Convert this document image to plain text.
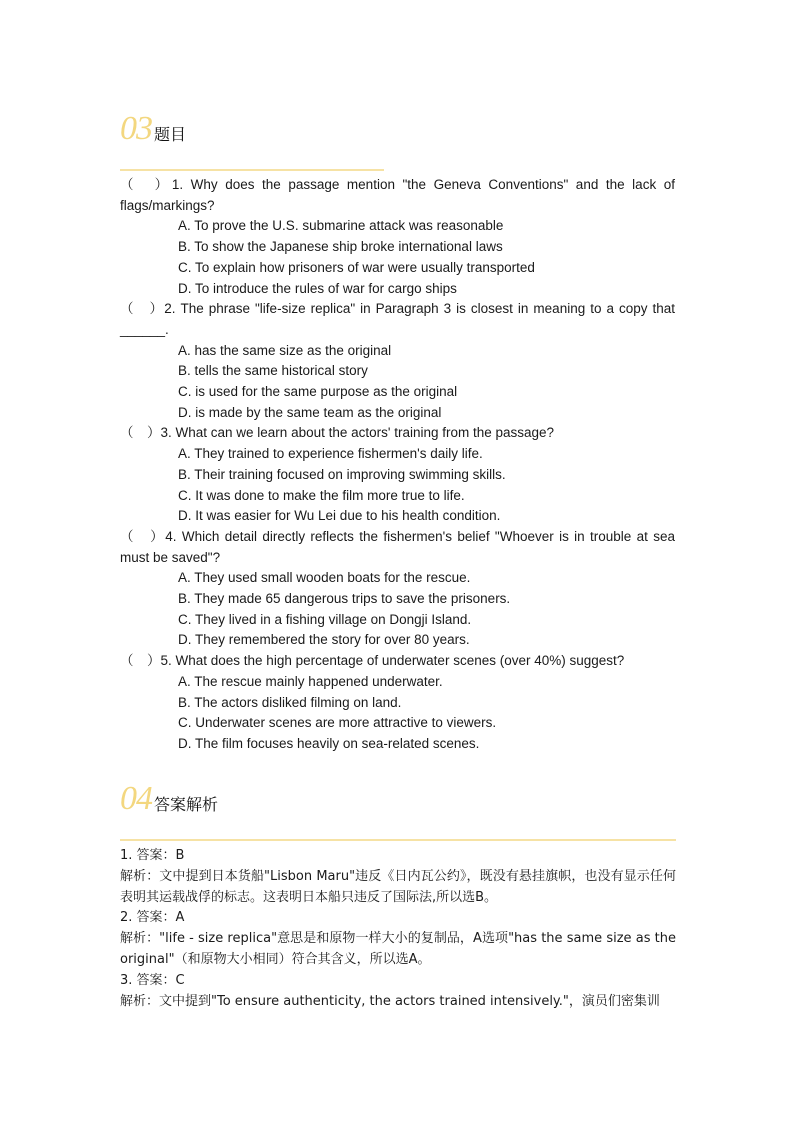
03 题目
（　）1. Why does the passage mention "the Geneva Conventions" and the lack of flags/markings?
A. To prove the U.S. submarine attack was reasonable
B. To show the Japanese ship broke international laws
C. To explain how prisoners of war were usually transported
D. To introduce the rules of war for cargo ships
（　）2. The phrase "life-size replica" in Paragraph 3 is closest in meaning to a copy that ______.
A. has the same size as the original
B. tells the same historical story
C. is used for the same purpose as the original
D. is made by the same team as the original
（　）3. What can we learn about the actors' training from the passage?
A. They trained to experience fishermen's daily life.
B. Their training focused on improving swimming skills.
C. It was done to make the film more true to life.
D. It was easier for Wu Lei due to his health condition.
（　）4. Which detail directly reflects the fishermen's belief "Whoever is in trouble at sea must be saved"?
A. They used small wooden boats for the rescue.
B. They made 65 dangerous trips to save the prisoners.
C. They lived in a fishing village on Dongji Island.
D. They remembered the story for over 80 years.
（　）5. What does the high percentage of underwater scenes (over 40%) suggest?
A. The rescue mainly happened underwater.
B. The actors disliked filming on land.
C. Underwater scenes are more attractive to viewers.
D. The film focuses heavily on sea-related scenes.
04 答案解析
1. 答案：B
解析：文中提到日本货船"Lisbon Maru"违反《日内瓦公约》，既没有悬挂旗帜，也没有显示任何表明其运载战俘的标志。这表明日本船只违反了国际法,所以选B。
2. 答案：A
解析："life - size replica"意思是和原物一样大小的复制品，A选项"has the same size as the original"（和原物大小相同）符合其含义，所以选A。
3. 答案：C
解析：文中提到"To ensure authenticity, the actors trained intensively."，演员们密集训
